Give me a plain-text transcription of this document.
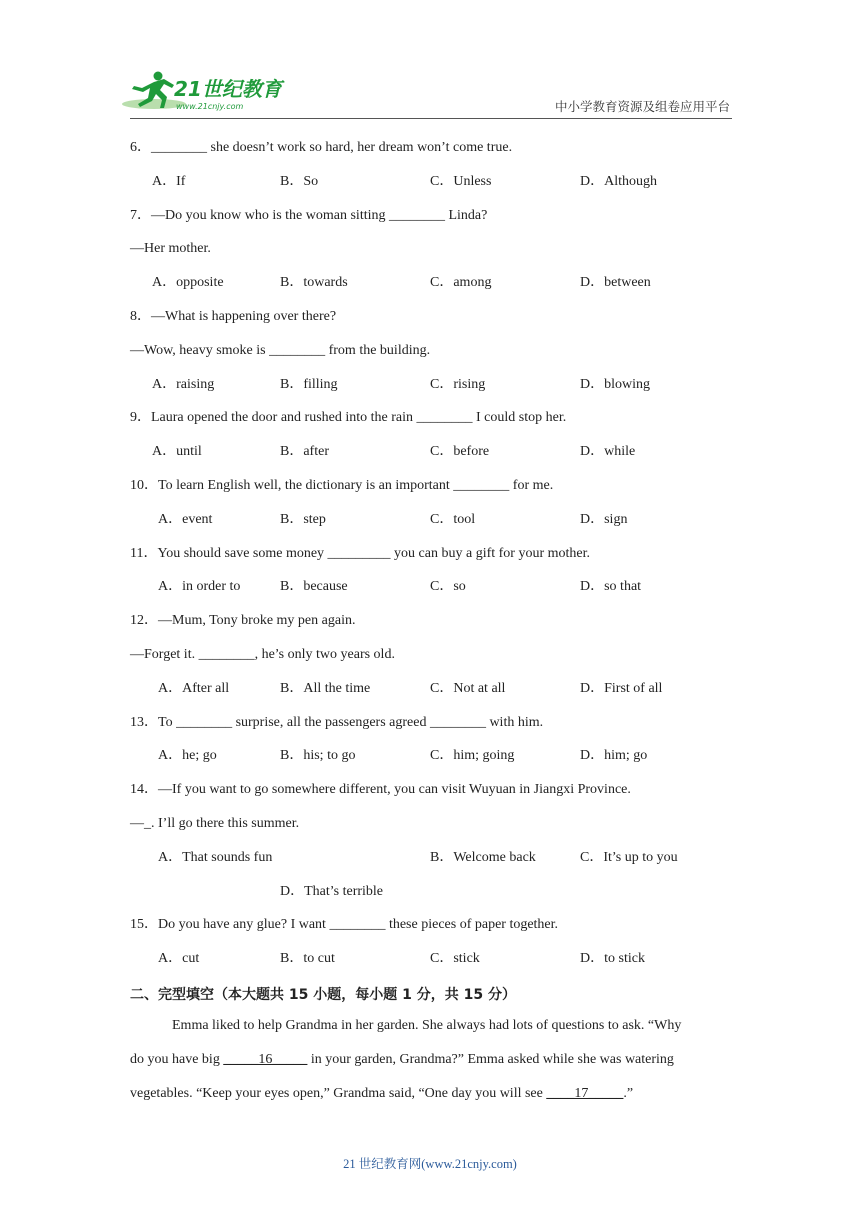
21世纪教育
www.21cnjy.com	中小学教育资源及组卷应用平台
6．________ she doesn’t work so hard, her dream won’t come true.
A．If	B．So	C．Unless	D．Although
7．—Do you know who is the woman sitting ________ Linda?
—Her mother.
A．opposite	B．towards	C．among	D．between
8．—What is happening over there?
—Wow, heavy smoke is ________ from the building.
A．raising	B．filling	C．rising	D．blowing
9．Laura opened the door and rushed into the rain ________ I could stop her.
A．until	B．after	C．before	D．while
10．To learn English well, the dictionary is an important ________ for me.
A．event	B．step	C．tool	D．sign
11．You should save some money _________ you can buy a gift for your mother.
A．in order to	B．because	C．so	D．so that
12．—Mum, Tony broke my pen again.
—Forget it. ________, he’s only two years old.
A．After all	B．All the time	C．Not at all	D．First of all
13．To ________ surprise, all the passengers agreed ________ with him.
A．he; go	B．his; to go	C．him; going	D．him; go
14．—If you want to go somewhere different, you can visit Wuyuan in Jiangxi Province.
—_. I’ll go there this summer.
A．That sounds fun	B．Welcome back	C．It’s up to you
D．That’s terrible
15．Do you have any glue? I want ________ these pieces of paper together.
A．cut	B．to cut	C．stick	D．to stick
二、完型填空（本大题共 15 小题，每小题 1 分，共 15 分）
Emma liked to help Grandma in her garden. She always had lots of questions to ask. “Why
do you have big _____16_____ in your garden, Grandma?” Emma asked while she was watering
vegetables. “Keep your eyes open,” Grandma said, “One day you will see ____17_____.”
21 世纪教育网(www.21cnjy.com)
